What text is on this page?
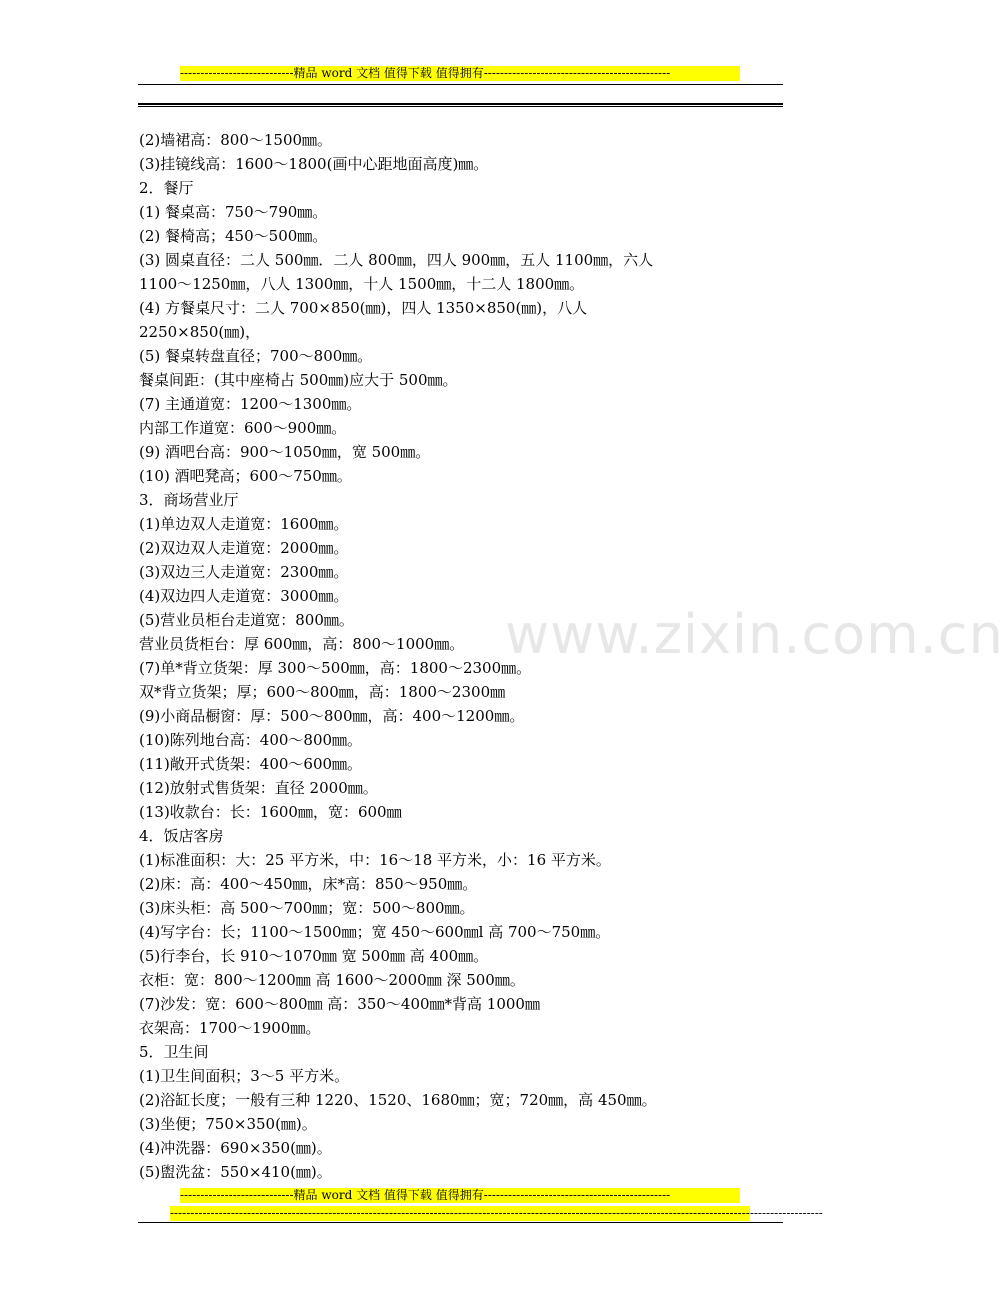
----------------------------精品 word 文档 值得下载 值得拥有----------------------------------------------
www.zixin.com.cn
(2)墙裙高：800～1500㎜。
(3)挂镜线高：1600～1800(画中心距地面高度)㎜。
2．餐厅
(1) 餐桌高：750～790㎜。
(2) 餐椅高；450～500㎜。
(3) 圆桌直径：二人 500㎜．二人 800㎜，四人 900㎜，五人 1100㎜，六人
1100～1250㎜，八人 1300㎜，十人 1500㎜，十二人 1800㎜。
(4) 方餐桌尺寸：二人 700×850(㎜)，四人 1350×850(㎜)，八人
2250×850(㎜)，
(5) 餐桌转盘直径；700～800㎜。
餐桌间距：(其中座椅占 500㎜)应大于 500㎜。
(7) 主通道宽：1200～1300㎜。
内部工作道宽：600～900㎜。
(9) 酒吧台高：900～1050㎜，宽 500㎜。
(10) 酒吧凳高；600～750㎜。
3．商场营业厅
(1)单边双人走道宽：1600㎜。
(2)双边双人走道宽：2000㎜。
(3)双边三人走道宽：2300㎜。
(4)双边四人走道宽：3000㎜。
(5)营业员柜台走道宽：800㎜。
营业员货柜台：厚 600㎜，高：800～1000㎜。
(7)单*背立货架：厚 300～500㎜，高：1800～2300㎜。
双*背立货架；厚；600～800㎜，高：1800～2300㎜
(9)小商品橱窗：厚：500～800㎜，高：400～1200㎜。
(10)陈列地台高：400～800㎜。
(11)敞开式货架：400～600㎜。
(12)放射式售货架：直径 2000㎜。
(13)收款台：长：1600㎜，宽：600㎜
4．饭店客房
(1)标准面积：大：25 平方米，中：16～18 平方米，小：16 平方米。
(2)床：高：400～450㎜，床*高：850～950㎜。
(3)床头柜：高 500～700㎜；宽：500～800㎜。
(4)写字台：长；1100～1500㎜；宽 450～600㎜l 高 700～750㎜。
(5)行李台，长 910～1070㎜ 宽 500㎜ 高 400㎜。
衣柜：宽：800～1200㎜ 高 1600～2000㎜ 深 500㎜。
(7)沙发：宽：600～800㎜ 高：350～400㎜*背高 1000㎜
衣架高：1700～1900㎜。
5．卫生间
(1)卫生间面积；3～5 平方米。
(2)浴缸长度；一般有三种 1220、1520、1680㎜；宽；720㎜，高 450㎜。
(3)坐便；750×350(㎜)。
(4)冲洗器：690×350(㎜)。
(5)盥洗盆：550×410(㎜)。
----------------------------精品 word 文档 值得下载 值得拥有----------------------------------------------
-----------------------------------------------------------------------------------------------------------------------------------------------------------------
